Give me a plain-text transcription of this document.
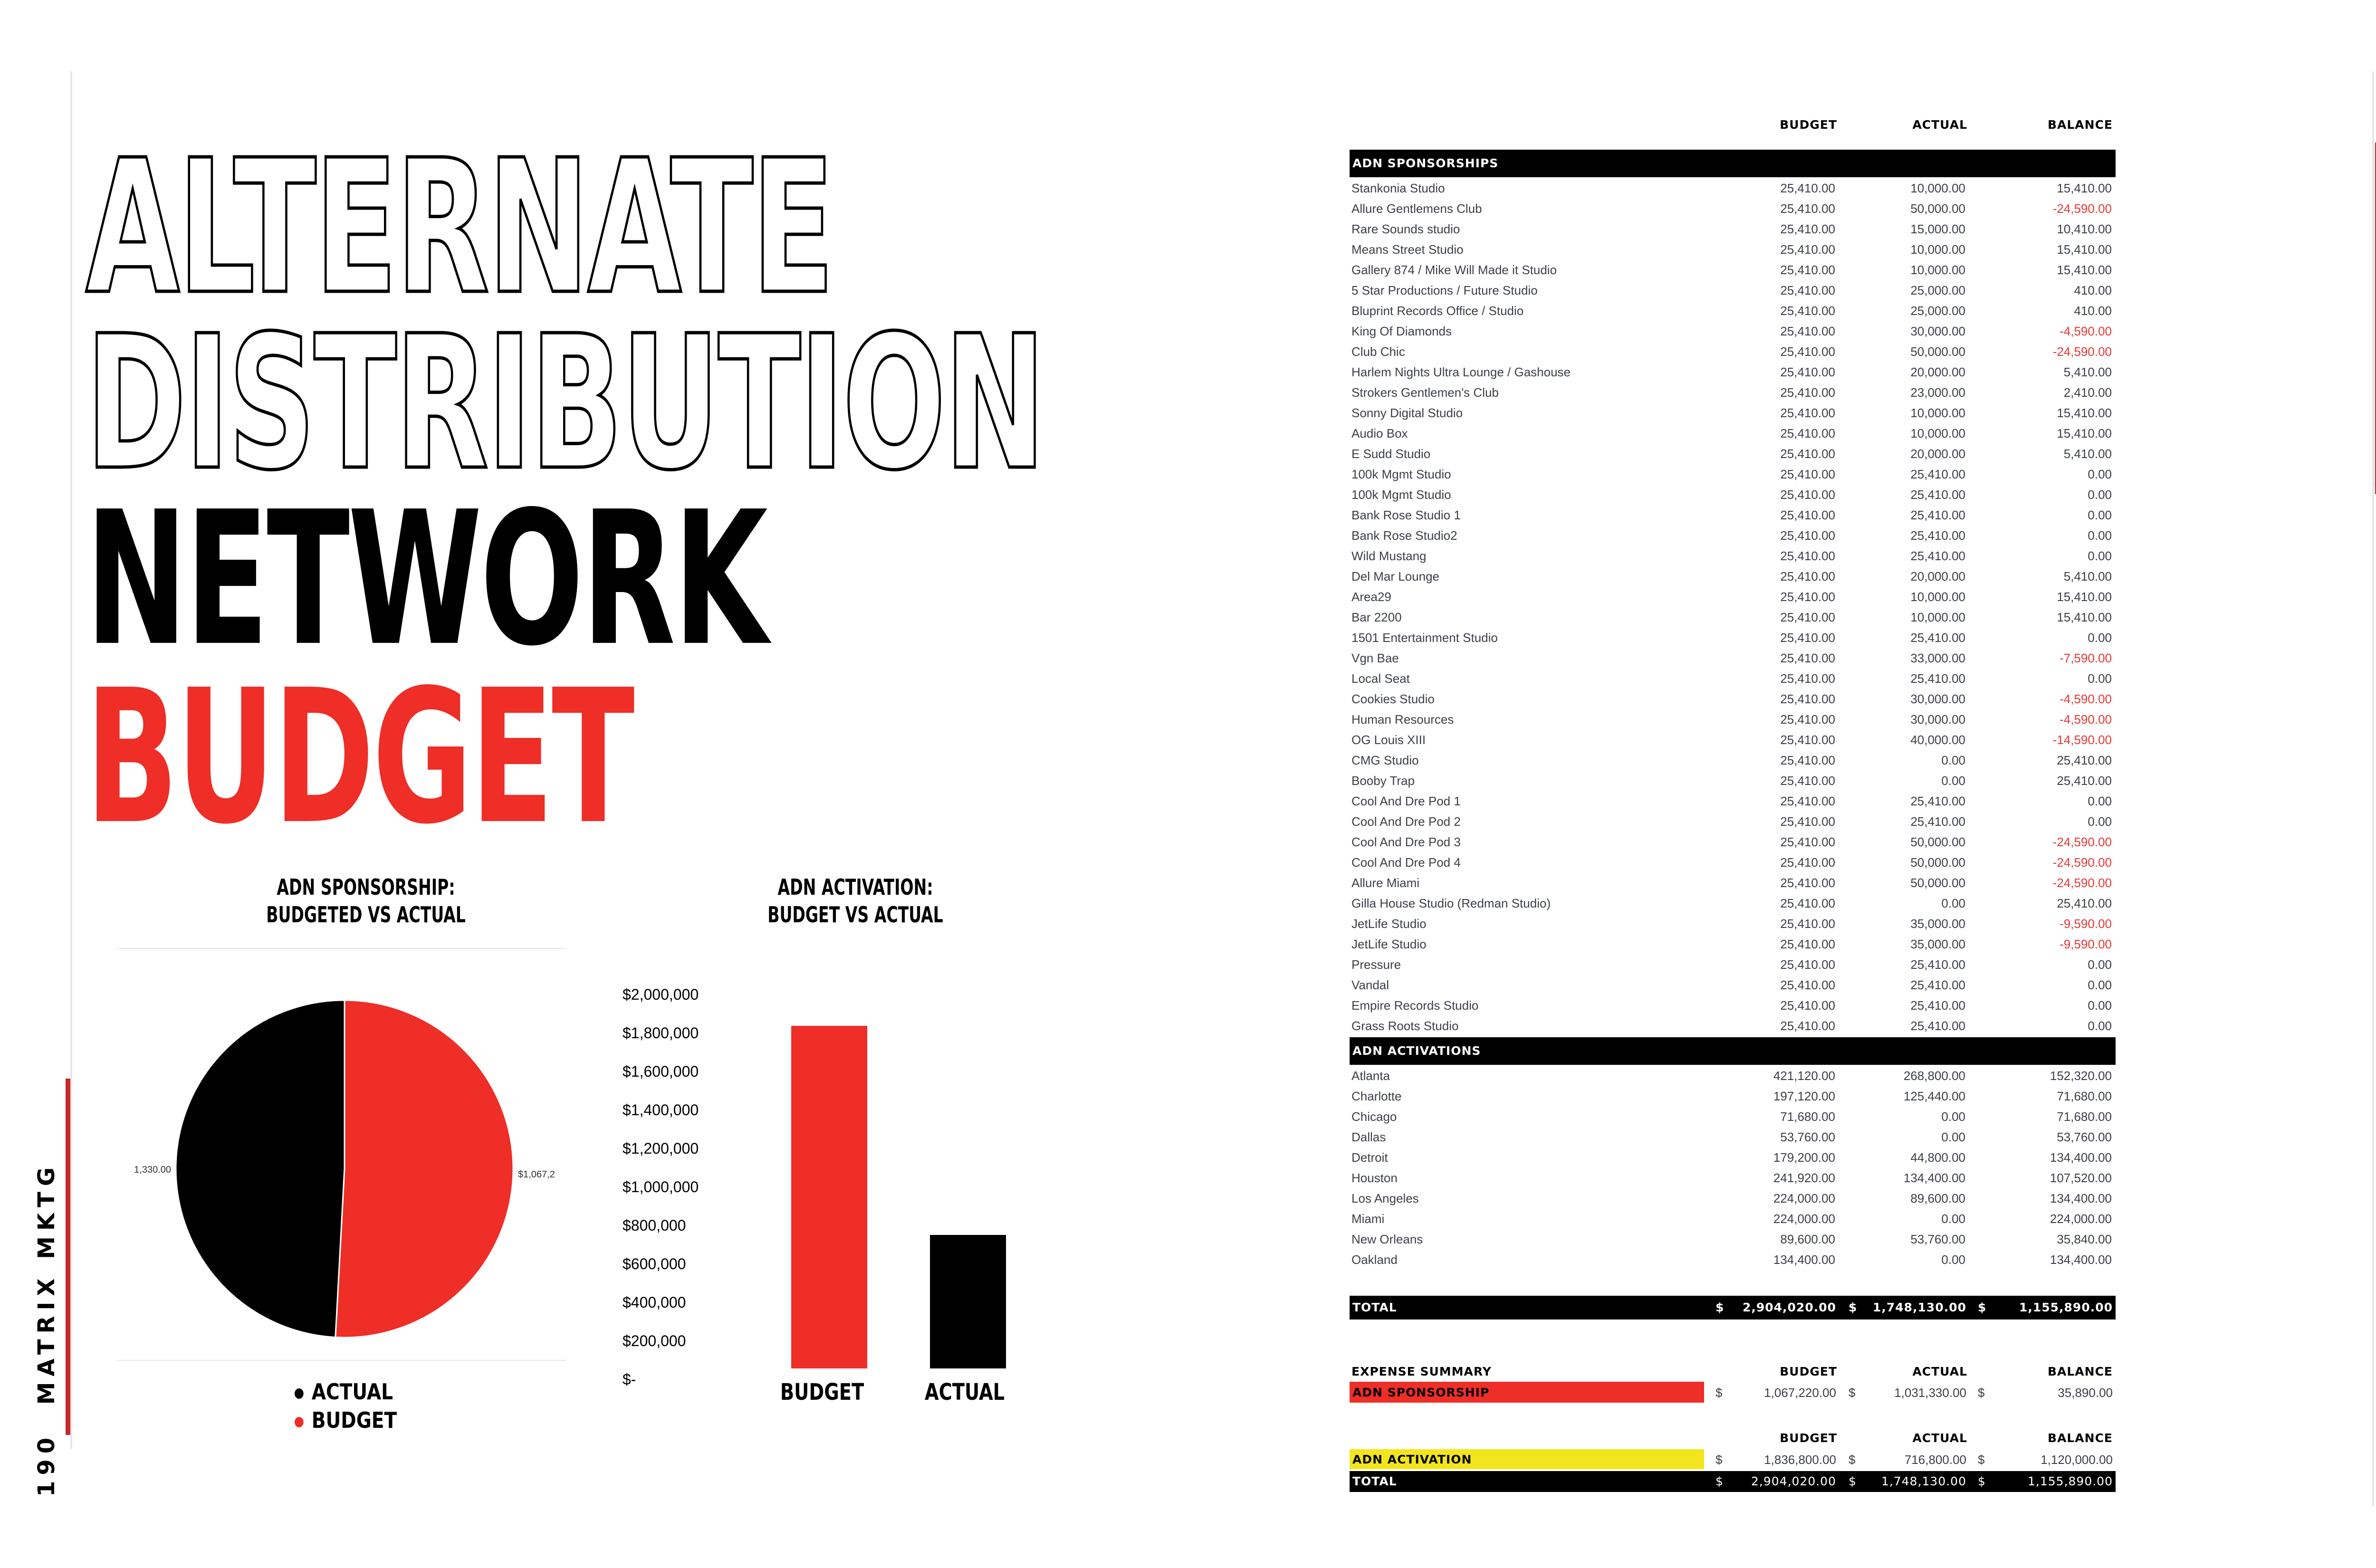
190  MATRIX MKTG

ALTERNATE
DISTRIBUTION
NETWORK
BUDGET
ADN SPONSORSHIP:
BUDGETED VS ACTUAL
1,330.00	$1,067,2
ACTUAL
BUDGET
ADN ACTIVATION:
BUDGET VS ACTUAL
$2,000,000
$1,800,000
$1,600,000
$1,400,000
$1,200,000
$1,000,000
$800,000
$600,000
$400,000
$200,000
$-	BUDGET	ACTUAL
BUDGET	ACTUAL	BALANCE
ADN SPONSORSHIPS
Stankonia Studio	25,410.00	10,000.00	15,410.00
Allure Gentlemens Club	25,410.00	50,000.00	-24,590.00
Rare Sounds studio	25,410.00	15,000.00	10,410.00
Means Street Studio	25,410.00	10,000.00	15,410.00
Gallery 874 / Mike Will Made it Studio	25,410.00	10,000.00	15,410.00
5 Star Productions / Future Studio	25,410.00	25,000.00	410.00
Bluprint Records Office / Studio	25,410.00	25,000.00	410.00
King Of Diamonds	25,410.00	30,000.00	-4,590.00
Club Chic	25,410.00	50,000.00	-24,590.00
Harlem Nights Ultra Lounge / Gashouse	25,410.00	20,000.00	5,410.00
Strokers Gentlemen's Club	25,410.00	23,000.00	2,410.00
Sonny Digital Studio	25,410.00	10,000.00	15,410.00
Audio Box	25,410.00	10,000.00	15,410.00
E Sudd Studio	25,410.00	20,000.00	5,410.00
100k Mgmt Studio	25,410.00	25,410.00	0.00
100k Mgmt Studio	25,410.00	25,410.00	0.00
Bank Rose Studio 1	25,410.00	25,410.00	0.00
Bank Rose Studio2	25,410.00	25,410.00	0.00
Wild Mustang	25,410.00	25,410.00	0.00
Del Mar Lounge	25,410.00	20,000.00	5,410.00
Area29	25,410.00	10,000.00	15,410.00
Bar 2200	25,410.00	10,000.00	15,410.00
1501 Entertainment Studio	25,410.00	25,410.00	0.00
Vgn Bae	25,410.00	33,000.00	-7,590.00
Local Seat	25,410.00	25,410.00	0.00
Cookies Studio	25,410.00	30,000.00	-4,590.00
Human Resources	25,410.00	30,000.00	-4,590.00
OG Louis XIII	25,410.00	40,000.00	-14,590.00
CMG Studio	25,410.00	0.00	25,410.00
Booby Trap	25,410.00	0.00	25,410.00
Cool And Dre Pod 1	25,410.00	25,410.00	0.00
Cool And Dre Pod 2	25,410.00	25,410.00	0.00
Cool And Dre Pod 3	25,410.00	50,000.00	-24,590.00
Cool And Dre Pod 4	25,410.00	50,000.00	-24,590.00
Allure Miami	25,410.00	50,000.00	-24,590.00
Gilla House Studio (Redman Studio)	25,410.00	0.00	25,410.00
JetLife Studio	25,410.00	35,000.00	-9,590.00
JetLife Studio	25,410.00	35,000.00	-9,590.00
Pressure	25,410.00	25,410.00	0.00
Vandal	25,410.00	25,410.00	0.00
Empire Records Studio	25,410.00	25,410.00	0.00
Grass Roots Studio	25,410.00	25,410.00	0.00
ADN ACTIVATIONS
Atlanta	421,120.00	268,800.00	152,320.00
Charlotte	197,120.00	125,440.00	71,680.00
Chicago	71,680.00	0.00	71,680.00
Dallas	53,760.00	0.00	53,760.00
Detroit	179,200.00	44,800.00	134,400.00
Houston	241,920.00	134,400.00	107,520.00
Los Angeles	224,000.00	89,600.00	134,400.00
Miami	224,000.00	0.00	224,000.00
New Orleans	89,600.00	53,760.00	35,840.00
Oakland	134,400.00	0.00	134,400.00
TOTAL	$ 2,904,020.00 $ 1,748,130.00 $	1,155,890.00
EXPENSE SUMMARY	BUDGET	ACTUAL	BALANCE
ADN SPONSORSHIP	$	1,067,220.00 $	1,031,330.00 $	35,890.00
BUDGET	ACTUAL	BALANCE
ADN ACTIVATION	$	1,836,800.00 $	716,800.00 $	1,120,000.00
TOTAL	$ 2,904,020.00 $ 1,748,130.00 $	1,155,890.00
